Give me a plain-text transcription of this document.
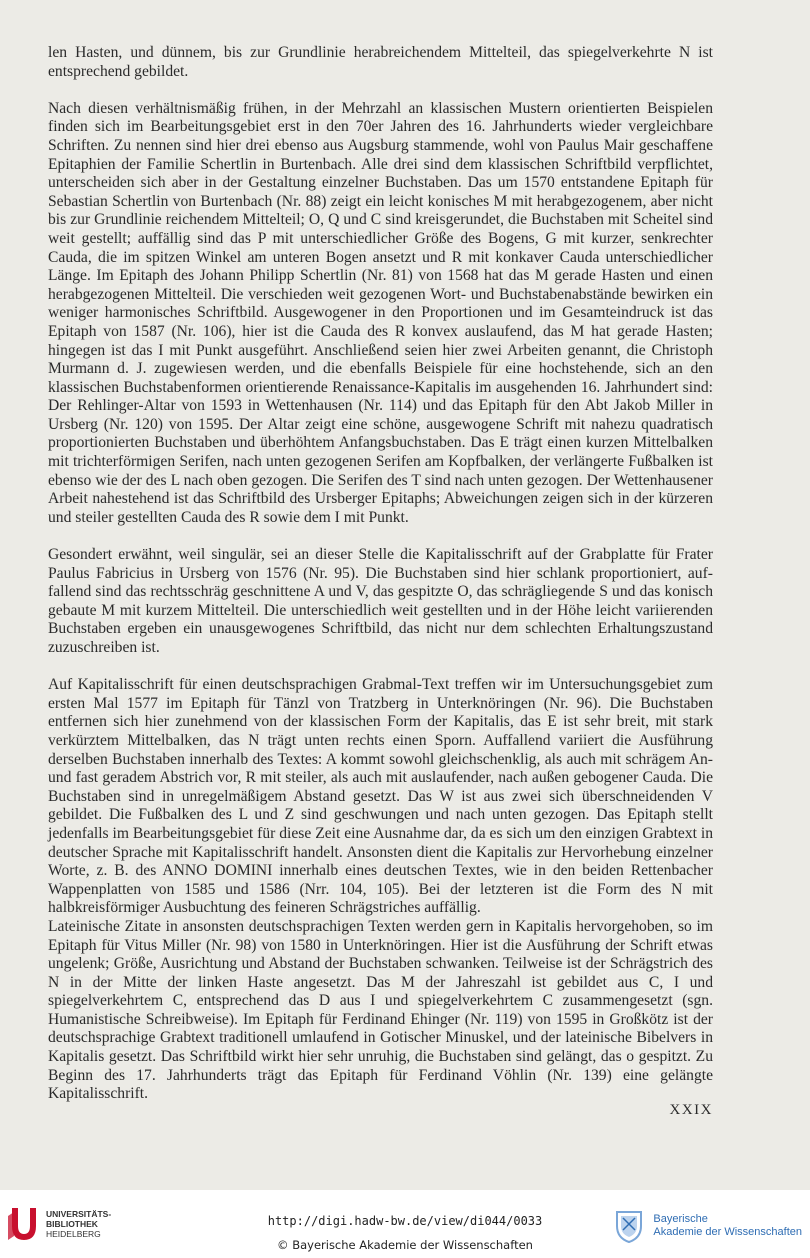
len Hasten, und dünnem, bis zur Grundlinie herabreichendem Mittelteil, das spiegelverkehrte N ist entsprechend gebildet.

Nach diesen verhältnismäßig frühen, in der Mehrzahl an klassischen Mustern orientierten Beispielen finden sich im Bearbeitungsgebiet erst in den 70er Jahren des 16. Jahrhunderts wieder vergleichbare Schriften. Zu nennen sind hier drei ebenso aus Augsburg stammende, wohl von Paulus Mair geschaffene Epitaphien der Familie Schertlin in Burtenbach. Alle drei sind dem klassischen Schriftbild verpflichtet, unterscheiden sich aber in der Gestaltung einzelner Buchstaben. Das um 1570 entstandene Epitaph für Sebastian Schertlin von Burtenbach (Nr. 88) zeigt ein leicht konisches M mit herabgezogenem, aber nicht bis zur Grundlinie reichendem Mittelteil; O, Q und C sind kreisgerundet, die Buchstaben mit Scheitel sind weit gestellt; auffällig sind das P mit unterschiedlicher Größe des Bogens, G mit kurzer, senkrechter Cauda, die im spitzen Winkel am unteren Bogen ansetzt und R mit konkaver Cauda unterschiedlicher Länge. Im Epitaph des Johann Philipp Schertlin (Nr. 81) von 1568 hat das M gerade Hasten und einen herabgezogenen Mittelteil. Die verschieden weit gezogenen Wort- und Buchstabenabstände bewirken ein weniger harmonisches Schriftbild. Ausgewogener in den Proportionen und im Gesamteindruck ist das Epitaph von 1587 (Nr. 106), hier ist die Cauda des R konvex auslaufend, das M hat gerade Hasten; hingegen ist das I mit Punkt ausgeführt. Anschließend seien hier zwei Arbeiten genannt, die Christoph Murmann d. J. zugewiesen werden, und die ebenfalls Beispiele für eine hochstehende, sich an den klassischen Buchstabenformen orientierende Renaissance-Kapitalis im ausgehenden 16. Jahrhundert sind: Der Rehlinger-Altar von 1593 in Wettenhausen (Nr. 114) und das Epitaph für den Abt Jakob Miller in Ursberg (Nr. 120) von 1595. Der Altar zeigt eine schöne, ausgewogene Schrift mit nahezu quadratisch proportionierten Buchstaben und überhöhtem Anfangsbuchstaben. Das E trägt einen kurzen Mittelbalken mit trichterförmigen Serifen, nach unten gezogenen Serifen am Kopfbalken, der verlängerte Fußbalken ist ebenso wie der des L nach oben gezogen. Die Serifen des T sind nach unten gezogen. Der Wettenhausener Arbeit nahestehend ist das Schriftbild des Ursberger Epitaphs; Abweichungen zeigen sich in der kürzeren und steiler gestellten Cauda des R sowie dem I mit Punkt.

Gesondert erwähnt, weil singulär, sei an dieser Stelle die Kapitalisschrift auf der Grabplatte für Frater Paulus Fabricius in Ursberg von 1576 (Nr. 95). Die Buchstaben sind hier schlank proportioniert, auffallend sind das rechtsschräg geschnittene A und V, das gespitzte O, das schrägliegende S und das konisch gebaute M mit kurzem Mittelteil. Die unterschiedlich weit gestellten und in der Höhe leicht variierenden Buchstaben ergeben ein unausgewogenes Schriftbild, das nicht nur dem schlechten Erhaltungszustand zuzuschreiben ist.

Auf Kapitalisschrift für einen deutschsprachigen Grabmal-Text treffen wir im Untersuchungsgebiet zum ersten Mal 1577 im Epitaph für Tänzl von Tratzberg in Unterknöringen (Nr. 96). Die Buchstaben entfernen sich hier zunehmend von der klassischen Form der Kapitalis, das E ist sehr breit, mit stark verkürztem Mittelbalken, das N trägt unten rechts einen Sporn. Auffallend variiert die Ausführung derselben Buchstaben innerhalb des Textes: A kommt sowohl gleichschenklig, als auch mit schrägem An- und fast geradem Abstrich vor, R mit steiler, als auch mit auslaufender, nach außen gebogener Cauda. Die Buchstaben sind in unregelmäßigem Abstand gesetzt. Das W ist aus zwei sich überschneidenden V gebildet. Die Fußbalken des L und Z sind geschwungen und nach unten gezogen. Das Epitaph stellt jedenfalls im Bearbeitungsgebiet für diese Zeit eine Ausnahme dar, da es sich um den einzigen Grabtext in deutscher Sprache mit Kapitalisschrift handelt. Ansonsten dient die Kapitalis zur Hervorhebung einzelner Worte, z. B. des ANNO DOMINI innerhalb eines deutschen Textes, wie in den beiden Rettenbacher Wappenplatten von 1585 und 1586 (Nrr. 104, 105). Bei der letzteren ist die Form des N mit halbkreisförmiger Ausbuchtung des feineren Schrägstriches auffällig.

Lateinische Zitate in ansonsten deutschsprachigen Texten werden gern in Kapitalis hervorgehoben, so im Epitaph für Vitus Miller (Nr. 98) von 1580 in Unterknöringen. Hier ist die Ausführung der Schrift etwas ungelenk; Größe, Ausrichtung und Abstand der Buchstaben schwanken. Teilweise ist der Schrägstrich des N in der Mitte der linken Haste angesetzt. Das M der Jahreszahl ist gebildet aus C, I und spiegelverkehrtem C, entsprechend das D aus I und spiegelverkehrtem C zusammengesetzt (sgn. Humanistische Schreibweise). Im Epitaph für Ferdinand Ehinger (Nr. 119) von 1595 in Großkötz ist der deutschsprachige Grabtext traditionell umlaufend in Gotischer Minuskel, und der lateinische Bibelvers in Kapitalis gesetzt. Das Schriftbild wirkt hier sehr unruhig, die Buchstaben sind gelängt, das o gespitzt. Zu Beginn des 17. Jahrhunderts trägt das Epitaph für Ferdinand Vöhlin (Nr. 139) eine gelängte Kapitalisschrift.

XXIX
UNIVERSITÄTS-
BIBLIOTHEK
HEIDELBERG
http://digi.hadw-bw.de/view/di044/0033
© Bayerische Akademie der Wissenschaften
Bayerische
Akademie der Wissenschaften
